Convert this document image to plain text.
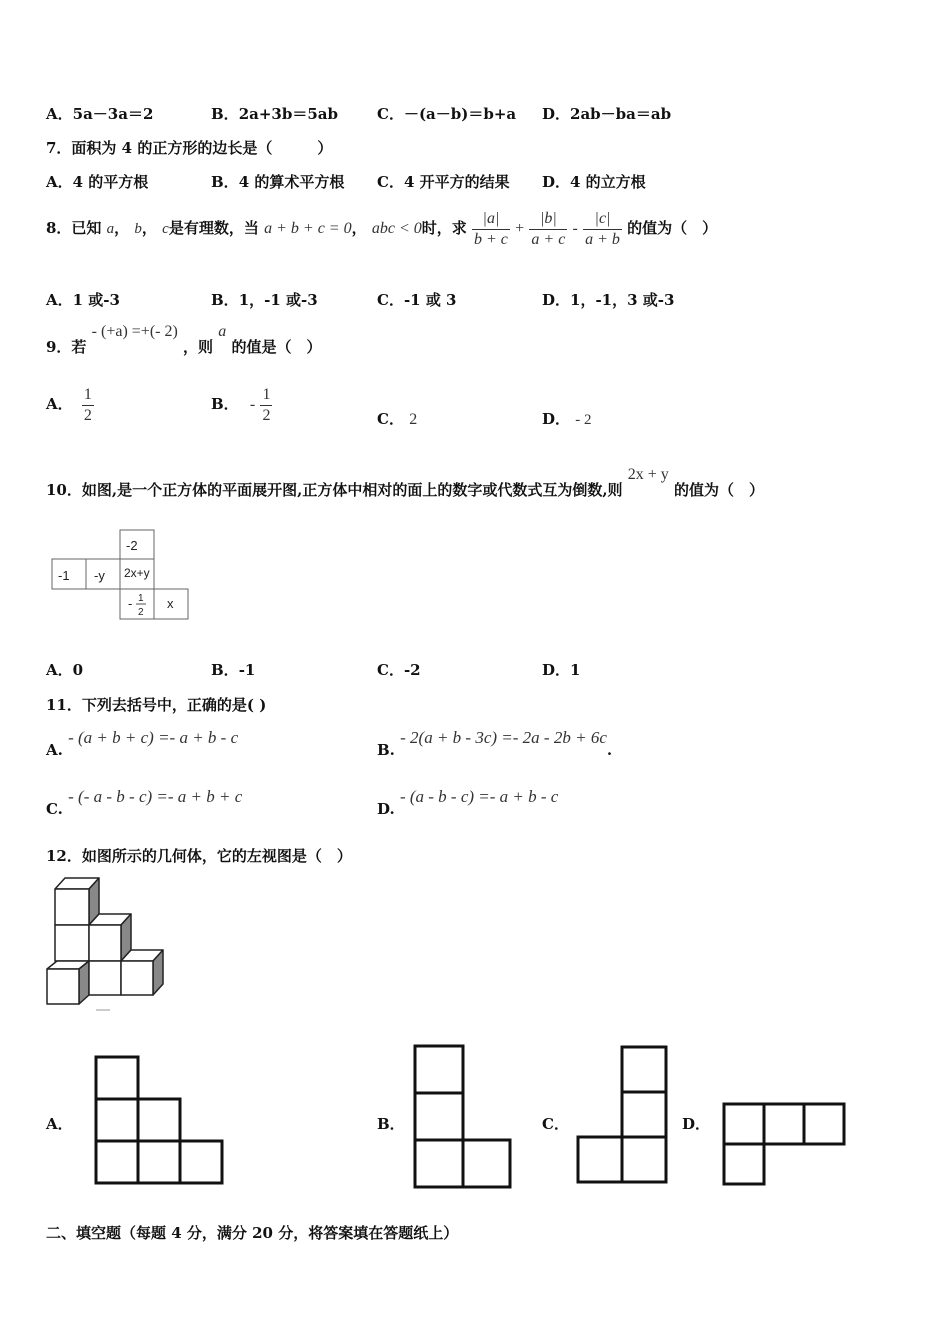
A．5a－3a＝2	B．2a+3b＝5ab	C．－(a－b)＝b+a D．2ab－ba＝ab
7．面积为 4 的正方形的边长是（　　　）
A．4 的平方根	B．4 的算术平方根 C．4 开平方的结果 D．4 的立方根
8．已知 a， b， c是有理数，当 a + b + c = 0， abc < 0时，求 $\frac{|a|}{b + c} + \frac{|b|}{a + c} - \frac{|c|}{a + b}$ 的值为（　）
A．1 或-3	B．1，-1 或-3	C．-1 或 3	D．1，-1，3 或-3
9．若 - (+a) =+(- 2) ，则 a 的值是（　）
A． $\frac{1}{2}$	B． - $\frac{1}{2}$	C． 2	D． - 2
10．如图,是一个正方体的平面展开图,正方体中相对的面上的数字或代数式互为倒数,则 2x + y 的值为（　）
-2
-1 -y 2x+y
- 1
2
x
A．0	B．-1	C．-2	D．1
11．下列去括号中，正确的是( )
A. - (a + b + c) =- a + b - c
B. - 2(a + b - 3c) =- 2a - 2b + 6c.
C. - (- a - b - c) =- a + b + c
D. - (a - b - c) =- a + b - c
12．如图所示的几何体，它的左视图是（　）
A．	B．	C．	D．
二、填空题（每题 4 分，满分 20 分，将答案填在答题纸上）
